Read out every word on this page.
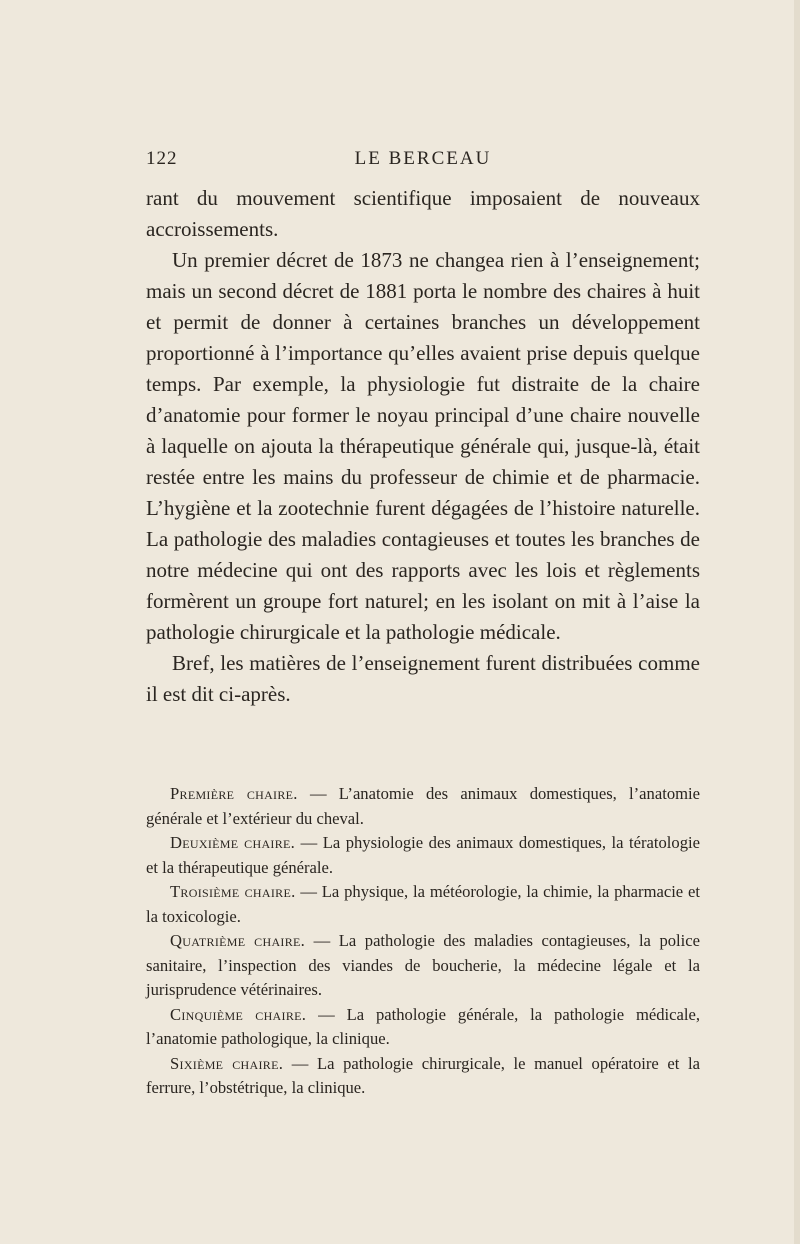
122	LE BERCEAU

rant du mouvement scientifique imposaient de nouveaux accroissements.

Un premier décret de 1873 ne changea rien à l’enseignement; mais un second décret de 1881 porta le nombre des chaires à huit et permit de donner à certaines branches un développement proportionné à l’importance qu’elles avaient prise depuis quelque temps. Par exemple, la physiologie fut distraite de la chaire d’anatomie pour former le noyau principal d’une chaire nouvelle à laquelle on ajouta la thérapeutique générale qui, jusque-là, était restée entre les mains du professeur de chimie et de pharmacie. L’hygiène et la zootechnie furent dégagées de l’histoire naturelle. La pathologie des maladies contagieuses et toutes les branches de notre médecine qui ont des rapports avec les lois et règlements formèrent un groupe fort naturel; en les isolant on mit à l’aise la pathologie chirurgicale et la pathologie médicale.

Bref, les matières de l’enseignement furent distribuées comme il est dit ci-après.

Première chaire. — L’anatomie des animaux domestiques, l’anatomie générale et l’extérieur du cheval.

Deuxième chaire. — La physiologie des animaux domestiques, la tératologie et la thérapeutique générale.

Troisième chaire. — La physique, la météorologie, la chimie, la pharmacie et la toxicologie.

Quatrième chaire. — La pathologie des maladies contagieuses, la police sanitaire, l’inspection des viandes de boucherie, la médecine légale et la jurisprudence vétérinaires.

Cinquième chaire. — La pathologie générale, la pathologie médicale, l’anatomie pathologique, la clinique.

Sixième chaire. — La pathologie chirurgicale, le manuel opératoire et la ferrure, l’obstétrique, la clinique.
